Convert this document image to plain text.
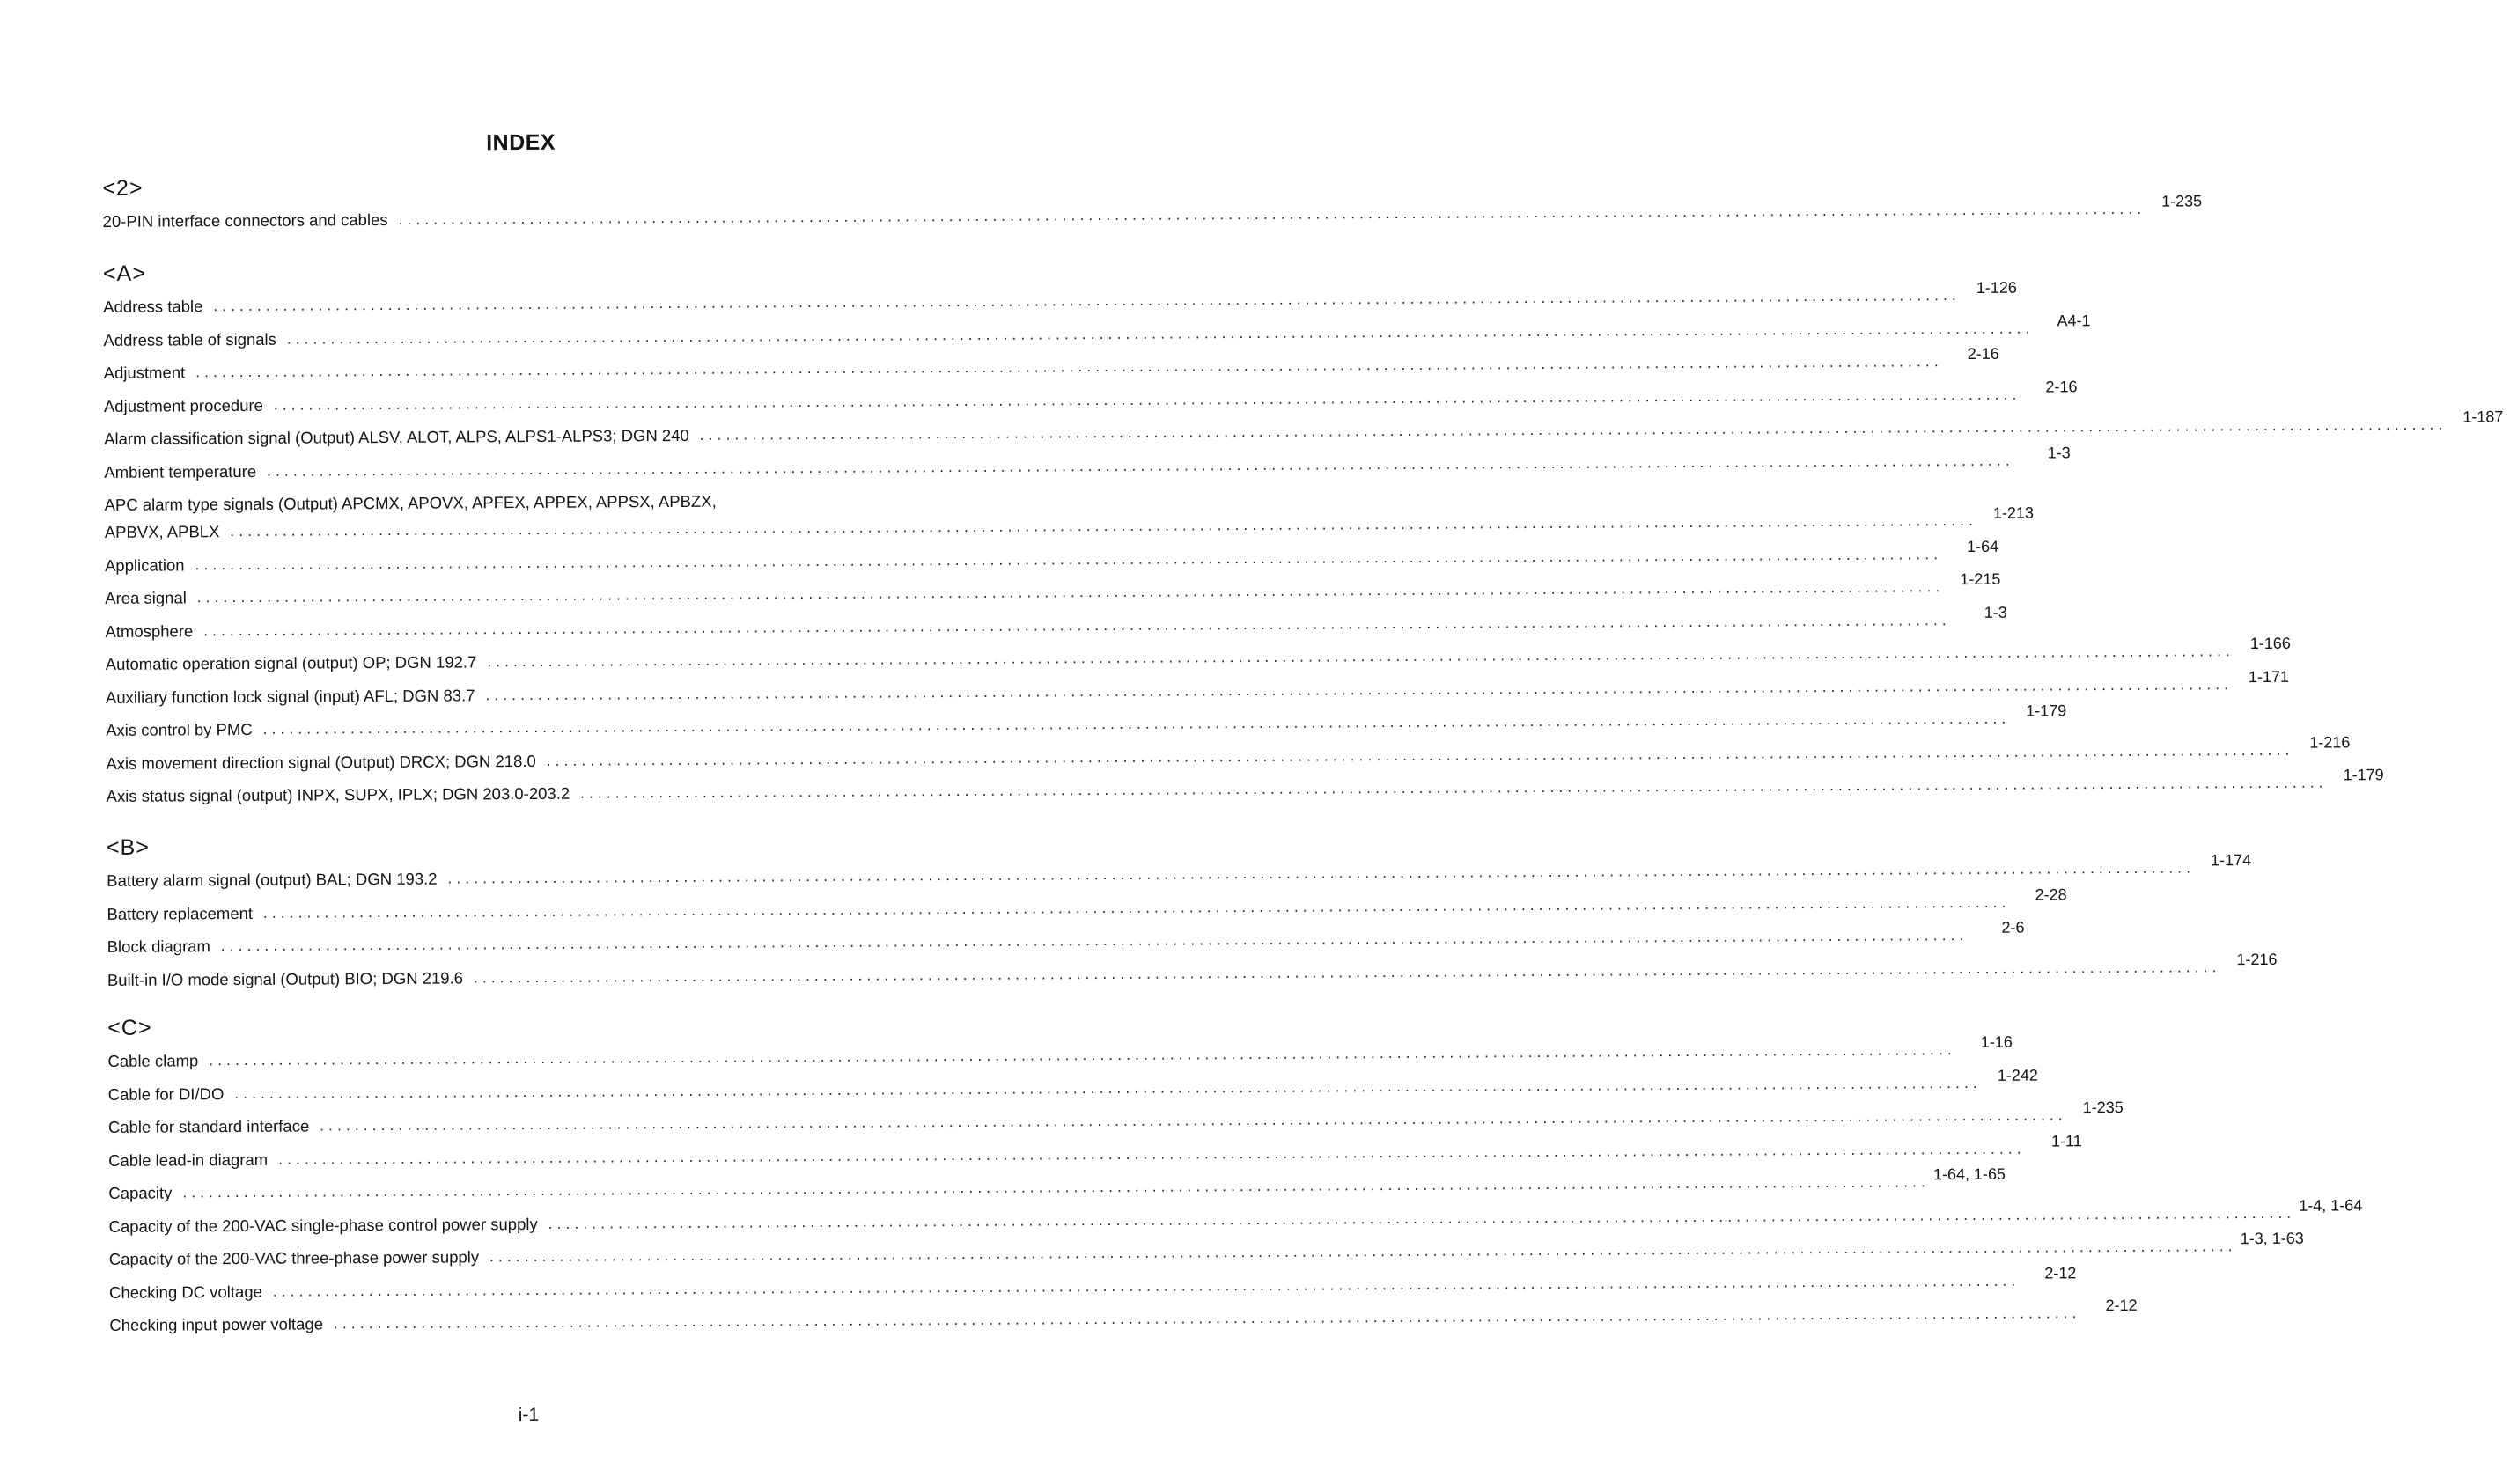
INDEX
<2>
20-PIN interface connectors and cables ........................................................................................................................................................................................................ 1-235
<A>
Address table ........................................................................................................................................................................................................ 1-126
Address table of signals ........................................................................................................................................................................................................	A4-1
Adjustment ........................................................................................................................................................................................................	2-16
Adjustment procedure ........................................................................................................................................................................................................	2-16
Alarm classification signal (Output) ALSV, ALOT, ALPS, ALPS1-ALPS3; DGN 240 ........................................................................................................................................................................................................ 1-187
Ambient temperature ........................................................................................................................................................................................................	1-3
APC alarm type signals (Output) APCMX, APOVX, APFEX, APPEX, APPSX, APBZX,
APBVX, APBLX ........................................................................................................................................................................................................ 1-213
Application ........................................................................................................................................................................................................	1-64
Area signal ........................................................................................................................................................................................................ 1-215
Atmosphere ........................................................................................................................................................................................................	1-3
Automatic operation signal (output) OP; DGN 192.7 ........................................................................................................................................................................................................ 1-166
Auxiliary function lock signal (input) AFL; DGN 83.7 ........................................................................................................................................................................................................ 1-171
Axis control by PMC ........................................................................................................................................................................................................ 1-179
Axis movement direction signal (Output) DRCX; DGN 218.0 ........................................................................................................................................................................................................ 1-216
Axis status signal (output) INPX, SUPX, IPLX; DGN 203.0-203.2 ........................................................................................................................................................................................................ 1-179
<B>
Battery alarm signal (output) BAL; DGN 193.2 ........................................................................................................................................................................................................ 1-174
Battery replacement ........................................................................................................................................................................................................	2-28
Block diagram ........................................................................................................................................................................................................	2-6
Built-in I/O mode signal (Output) BIO; DGN 219.6 ........................................................................................................................................................................................................ 1-216
<C>
Cable clamp ........................................................................................................................................................................................................	1-16
Cable for DI/DO ........................................................................................................................................................................................................ 1-242
Cable for standard interface ........................................................................................................................................................................................................ 1-235
Cable lead-in diagram ........................................................................................................................................................................................................	1-11
Capacity ........................................................................................................................................................................................................ 1-64, 1-65
Capacity of the 200-VAC single-phase control power supply ........................................................................................................................................................................................................ 1-4, 1-64
Capacity of the 200-VAC three-phase power supply ........................................................................................................................................................................................................ 1-3, 1-63
Checking DC voltage ........................................................................................................................................................................................................	2-12
Checking input power voltage ........................................................................................................................................................................................................	2-12
i-1
